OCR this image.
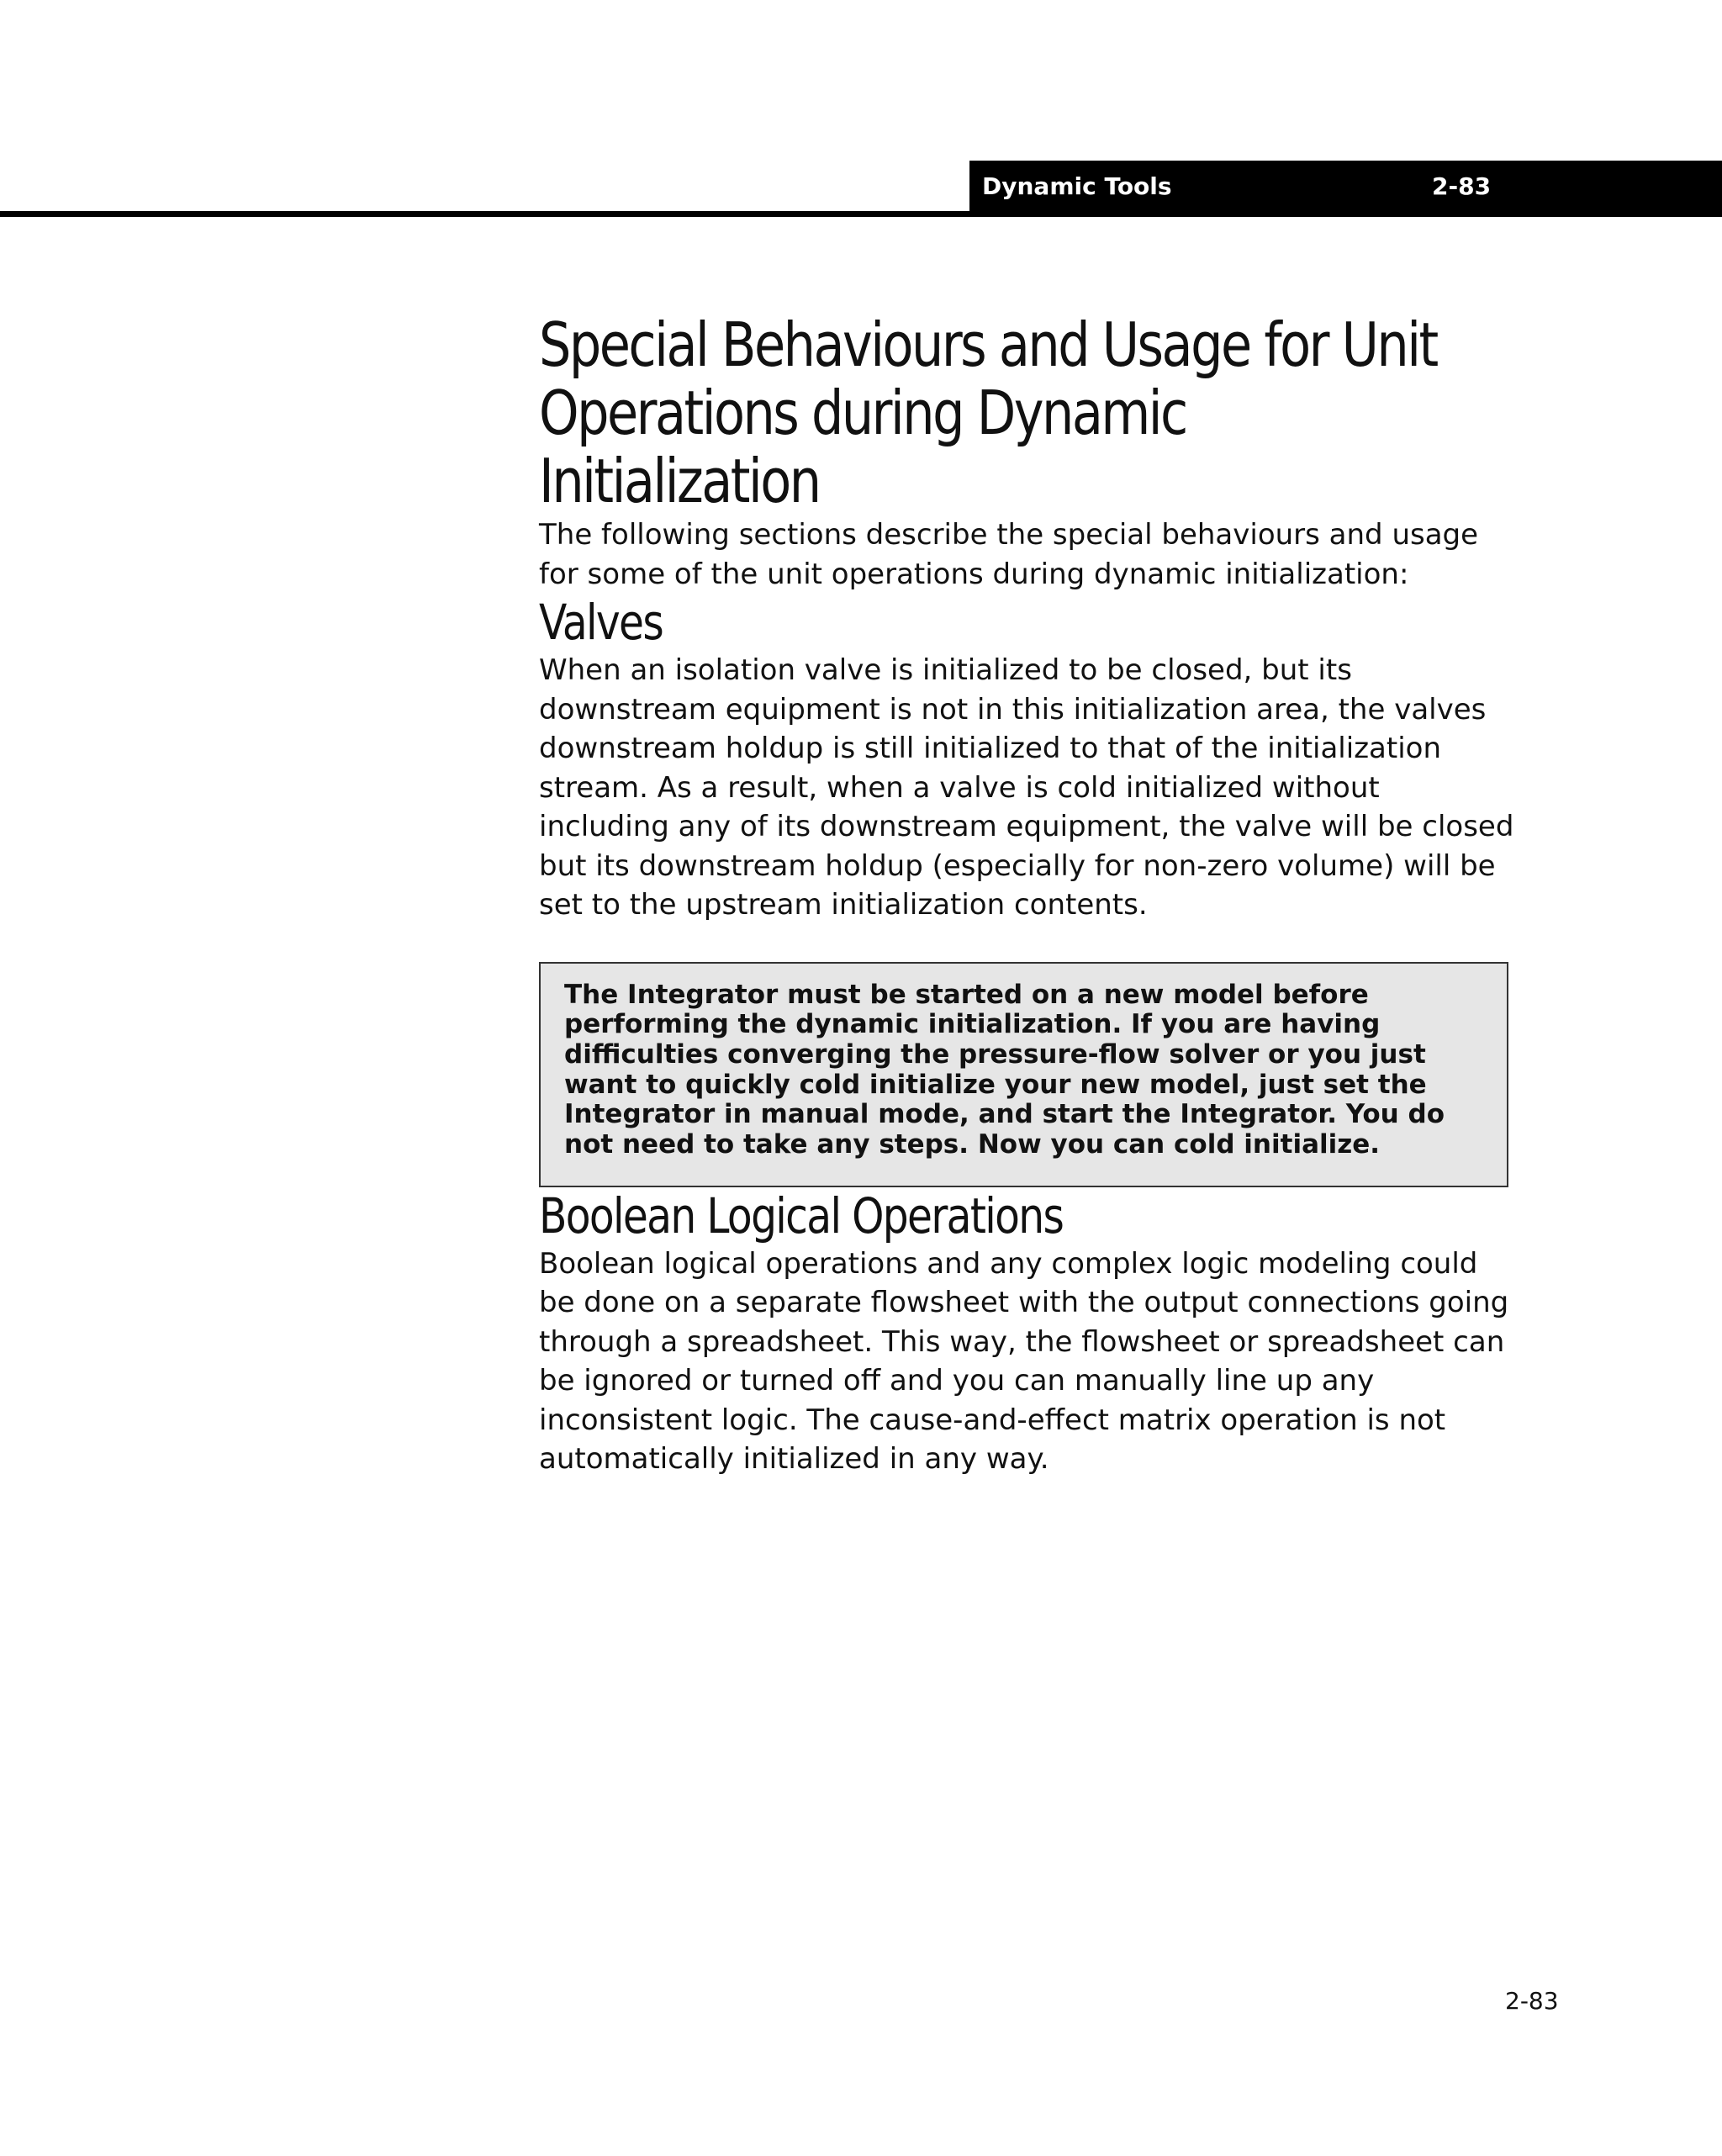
Dynamic Tools	2-83
Special Behaviours and Usage for Unit Operations during Dynamic Initialization

The following sections describe the special behaviours and usage for some of the unit operations during dynamic initialization:

Valves

When an isolation valve is initialized to be closed, but its downstream equipment is not in this initialization area, the valves downstream holdup is still initialized to that of the initialization stream. As a result, when a valve is cold initialized without including any of its downstream equipment, the valve will be closed but its downstream holdup (especially for non-zero volume) will be set to the upstream initialization contents.

The Integrator must be started on a new model before performing the dynamic initialization. If you are having difficulties converging the pressure-flow solver or you just want to quickly cold initialize your new model, just set the Integrator in manual mode, and start the Integrator. You do not need to take any steps. Now you can cold initialize.

Boolean Logical Operations

Boolean logical operations and any complex logic modeling could be done on a separate flowsheet with the output connections going through a spreadsheet. This way, the flowsheet or spreadsheet can be ignored or turned off and you can manually line up any inconsistent logic. The cause-and-effect matrix operation is not automatically initialized in any way.

2-83
